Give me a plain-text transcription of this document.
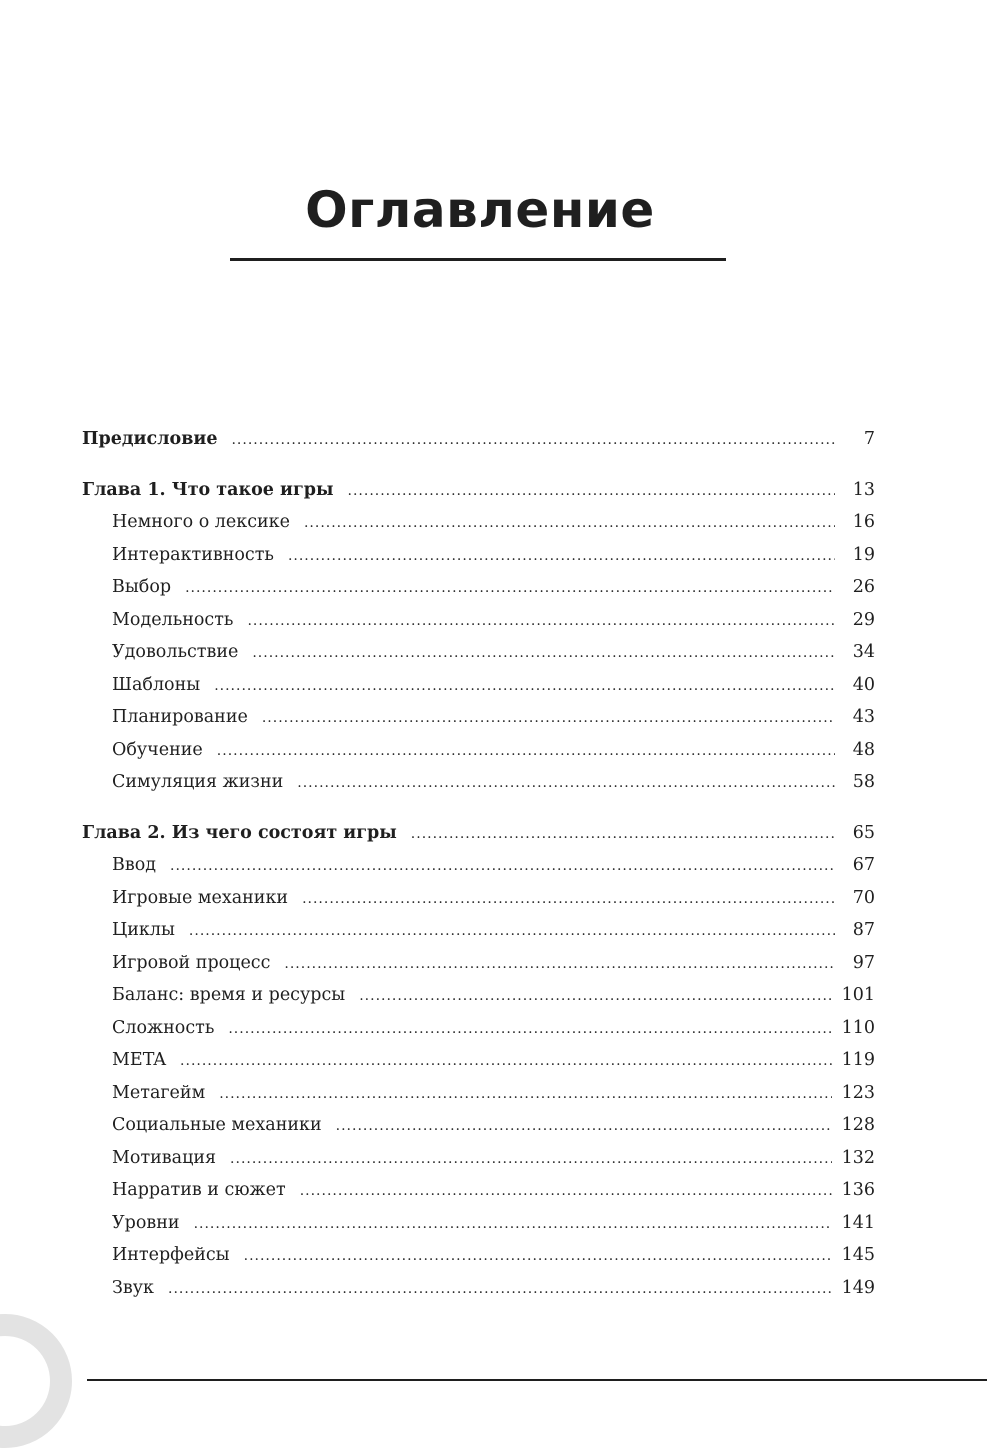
Оглавление
Предисловие .....	7
Глава 1. Что такое игры .....	13
Немного о лексике .....	16
Интерактивность .....	19
Выбор .....	26
Модельность .....	29
Удовольствие .....	34
Шаблоны .....	40
Планирование .....	43
Обучение .....	48
Симуляция жизни .....	58
Глава 2. Из чего состоят игры .....	65
Ввод .....	67
Игровые механики .....	70
Циклы .....	87
Игровой процесс .....	97
Баланс: время и ресурсы .....	101
Сложность .....	110
META .....	119
Метагейм .....	123
Социальные механики .....	128
Мотивация .....	132
Нарратив и сюжет .....	136
Уровни .....	141
Интерфейсы .....	145
Звук .....	149
